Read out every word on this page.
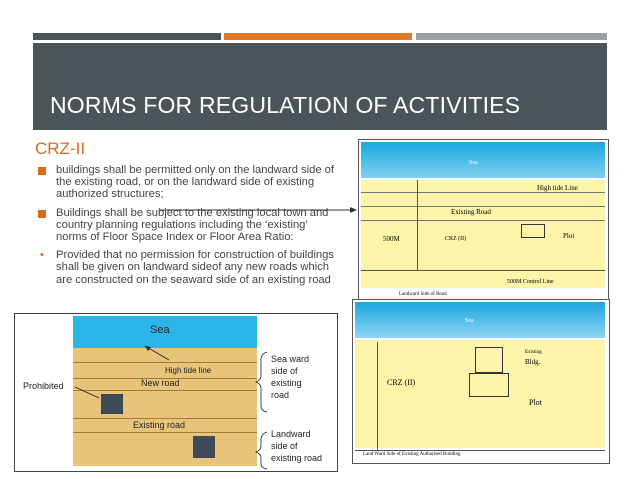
NORMS FOR REGULATION OF ACTIVITIES
CRZ-II
buildings shall be permitted only on the landward side of the existing road, or on the landward side of existing authorized structures;
Buildings shall be subject to the existing local town and country planning regulations including the ‘existing’ norms of Floor Space Index or Floor Area Ratio:
• Provided that no permission for construction of buildings shall be given on landward sideof any new roads which are constructed on the seaward side of an existing road
Sea
High tide Line
Existing Road
500M	CRZ (II)	Plot
500M Control Line
Landward Side of Road
Sea
CRZ (II)
Existing
Bldg.
Plot
Land Ward Side of Existing Authorised Building
Sea
High tide line
New road
Prohibited
Existing road
Sea ward
side of
existing
road
Landward
side of
existing road
